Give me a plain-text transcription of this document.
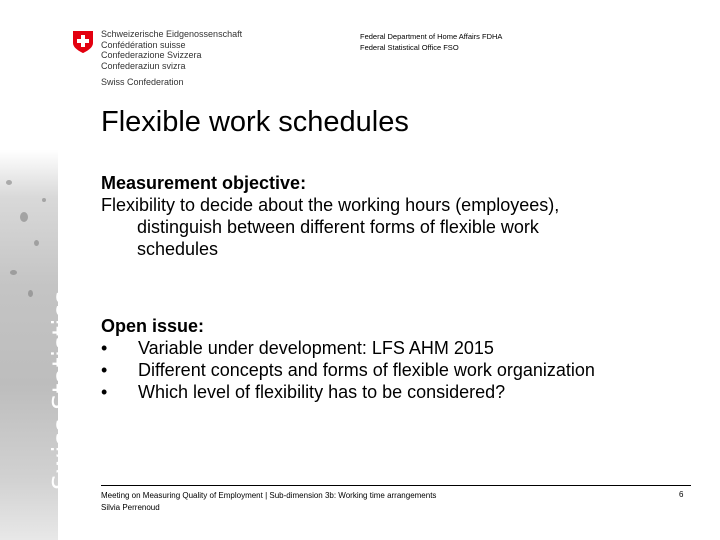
Swiss Statistics
Schweizerische Eidgenossenschaft
Confédération suisse
Confederazione Svizzera
Confederaziun svizra
Swiss Confederation
Federal Department of Home Affairs FDHA
Federal Statistical Office FSO
Flexible work schedules
Measurement objective:
Flexibility to decide about the working hours (employees),
distinguish between different forms of flexible work
schedules
Open issue:
•	Variable under development: LFS AHM 2015
•	Different concepts and forms of flexible work organization
•	Which level of flexibility has to be considered?
Meeting on Measuring Quality of Employment | Sub-dimension 3b: Working time arrangements
Silvia Perrenoud
6
